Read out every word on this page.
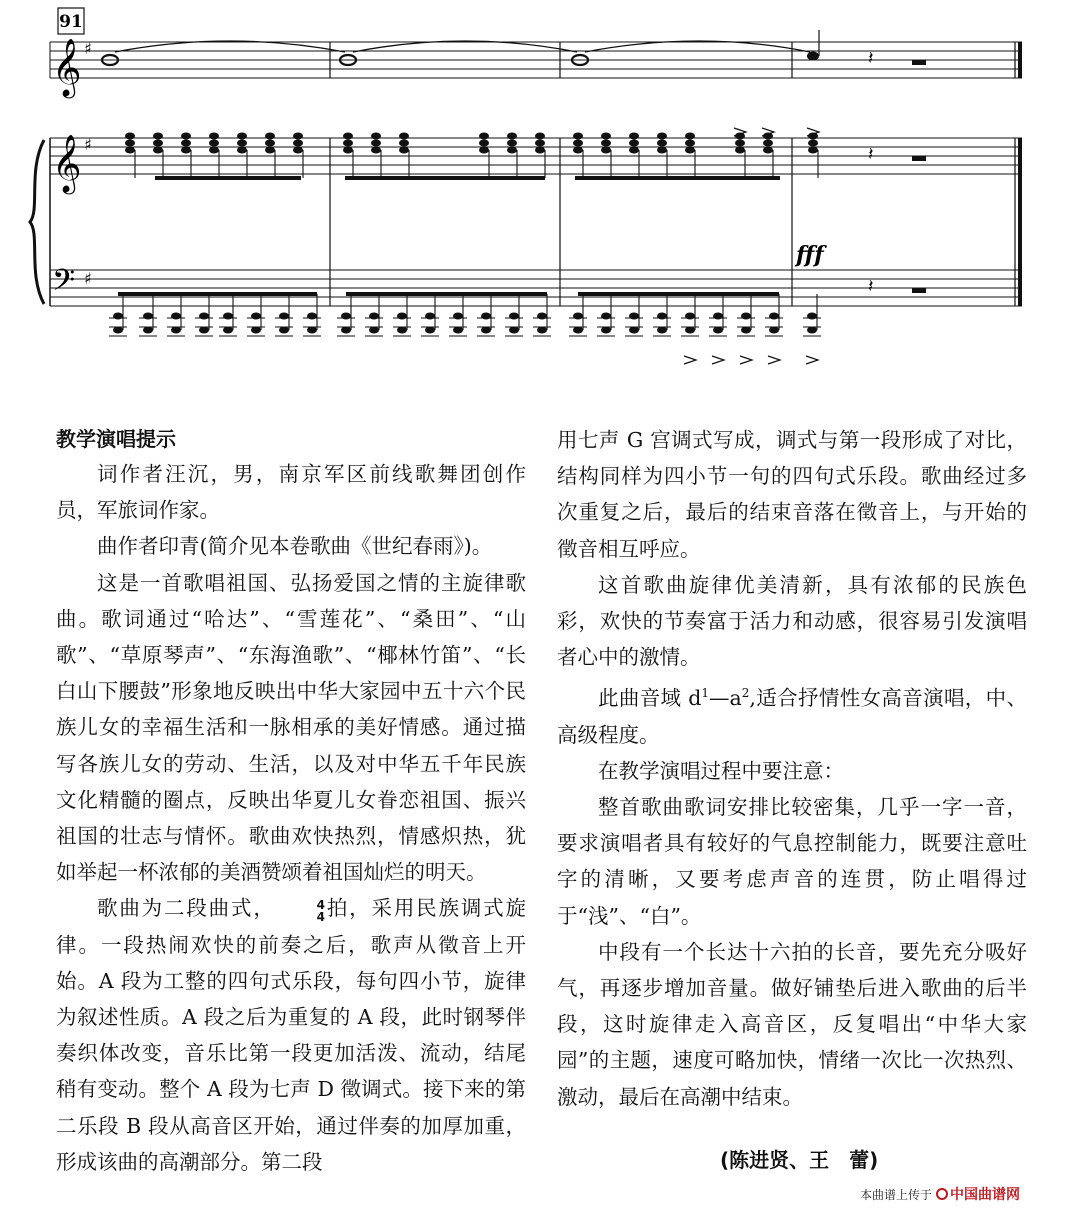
91
𝄞
𝄞
𝄢
♯
♯
♯
𝄽
𝄽
𝄽
fff

教学演唱提示

词作者汪沉，男，南京军区前线歌舞团创作员，军旅词作家。

曲作者印青(简介见本卷歌曲《世纪春雨》)。

这是一首歌唱祖国、弘扬爱国之情的主旋律歌曲。歌词通过“哈达”、“雪莲花”、“桑田”、“山歌”、“草原琴声”、“东海渔歌”、“椰林竹笛”、“长白山下腰鼓”形象地反映出中华大家园中五十六个民族儿女的幸福生活和一脉相承的美好情感。通过描写各族儿女的劳动、生活，以及对中华五千年民族文化精髓的圈点，反映出华夏儿女眷恋祖国、振兴祖国的壮志与情怀。歌曲欢快热烈，情感炽热，犹如举起一杯浓郁的美酒赞颂着祖国灿烂的明天。

歌曲为二段曲式，	4
4 拍，采用民族调式旋律。一段热闹欢快的前奏之后，歌声从徵音上开始。A 段为工整的四句式乐段，每句四小节，旋律为叙述性质。A 段之后为重复的 A 段，此时钢琴伴奏织体改变，音乐比第一段更加活泼、流动，结尾稍有变动。整个 A 段为七声 D 徵调式。接下来的第二乐段 B 段从高音区开始，通过伴奏的加厚加重，形成该曲的高潮部分。第二段

用七声 G 宫调式写成，调式与第一段形成了对比，结构同样为四小节一句的四句式乐段。歌曲经过多次重复之后，最后的结束音落在徵音上，与开始的徵音相互呼应。

这首歌曲旋律优美清新，具有浓郁的民族色彩，欢快的节奏富于活力和动感，很容易引发演唱者心中的激情。

此曲音域 $d^1—a^2$,适合抒情性女高音演唱，中、高级程度。

在教学演唱过程中要注意：

整首歌曲歌词安排比较密集，几乎一字一音，要求演唱者具有较好的气息控制能力，既要注意吐字的清晰，又要考虑声音的连贯，防止唱得过于“浅”、“白”。

中段有一个长达十六拍的长音，要先充分吸好气，再逐步增加音量。做好铺垫后进入歌曲的后半段，这时旋律走入高音区，反复唱出“中华大家园”的主题，速度可略加快，情绪一次比一次热烈、激动，最后在高潮中结束。

(陈进贤、王　蕾)
本曲谱上传于 中国曲谱网
